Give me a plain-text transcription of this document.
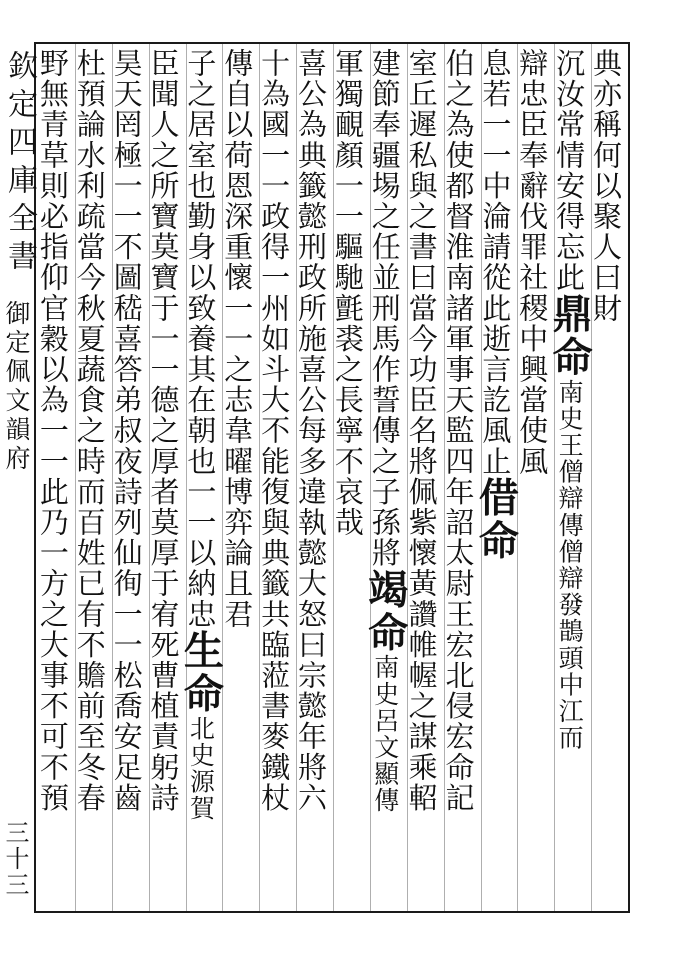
欽定四庫全書
御定佩文韻府
三十三
典亦稱何以聚人曰財
沉汝常情安得忘此鼎命南史王僧辯傳僧辯發鵲頭中江而
辯忠臣奉辭伐罪社稷中興當使風
息若一一中淪請從此逝言訖風止借命
伯之為使都督淮南諸軍事天監四年詔太尉王宏北侵宏命記
室丘遲私與之書曰當今功臣名將佩紫懷黃讚帷幄之謀乘軺
建節奉疆埸之任並刑馬作誓傳之子孫將竭命南史呂文顯傳
軍獨靦顏一一驅馳氈裘之長寧不哀哉
喜公為典籤懿刑政所施喜公每多違執懿大怒曰宗懿年將六
十為國一一政得一州如斗大不能復與典籤共臨蒞書麥鐵杖
傳自以荷恩深重懷一一之志韋曜博弈論且君
子之居室也勤身以致養其在朝也一一以納忠生命北史源賀
臣聞人之所寶莫寶于一一德之厚者莫厚于宥死曹植責躬詩
昊天罔極一一不圖嵇喜答弟叔夜詩列仙徇一一松喬安足齒
杜預論水利疏當今秋夏蔬食之時而百姓已有不贍前至冬春
野無青草則必指仰官穀以為一一此乃一方之大事不可不預
